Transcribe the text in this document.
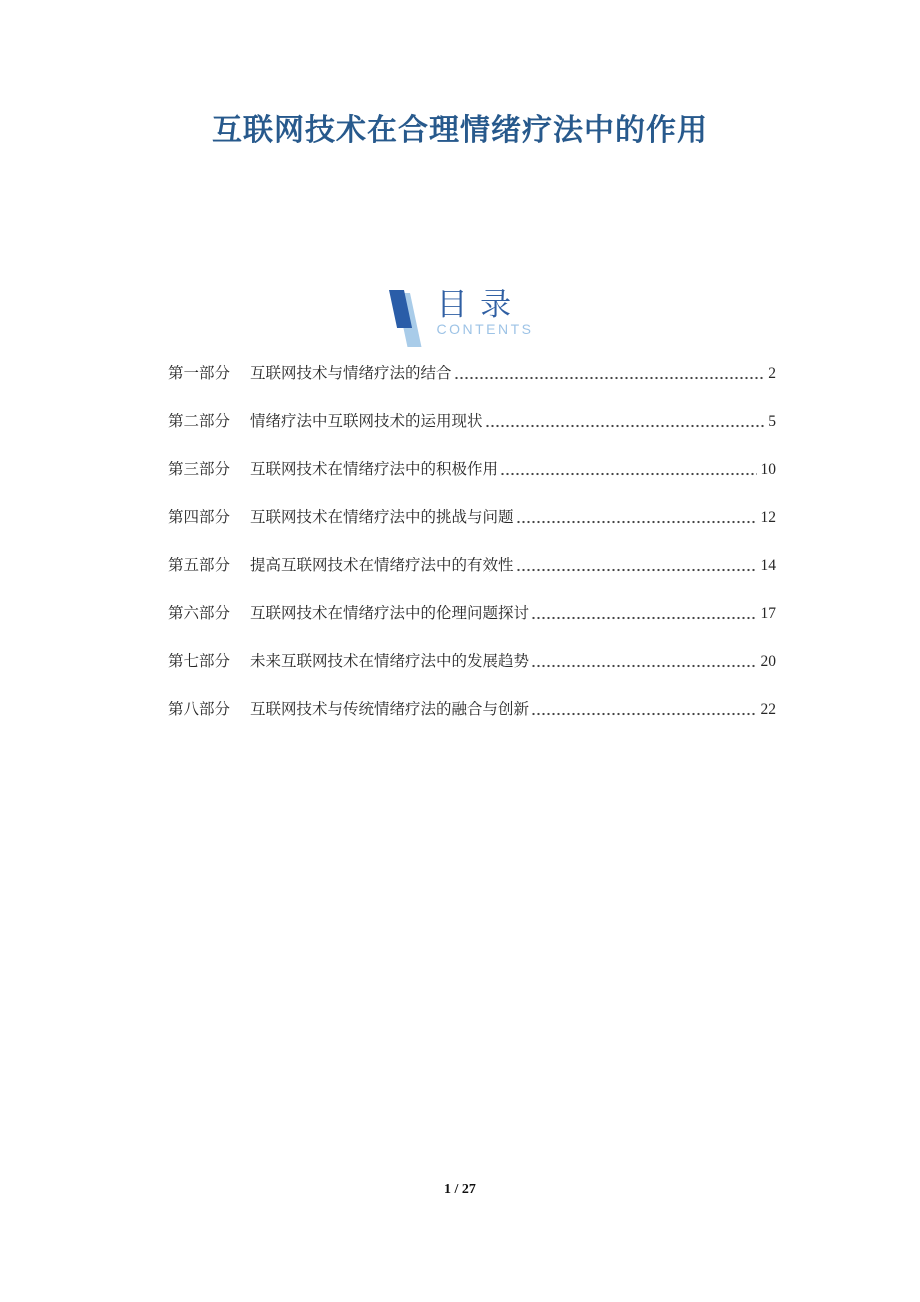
互联网技术在合理情绪疗法中的作用
目 录
CONTENTS
第一部分	互联网技术与情绪疗法的结合	2
第二部分	情绪疗法中互联网技术的运用现状	5
第三部分	互联网技术在情绪疗法中的积极作用	10
第四部分	互联网技术在情绪疗法中的挑战与问题	12
第五部分	提高互联网技术在情绪疗法中的有效性	14
第六部分	互联网技术在情绪疗法中的伦理问题探讨	17
第七部分	未来互联网技术在情绪疗法中的发展趋势	20
第八部分	互联网技术与传统情绪疗法的融合与创新	22
1 / 27
